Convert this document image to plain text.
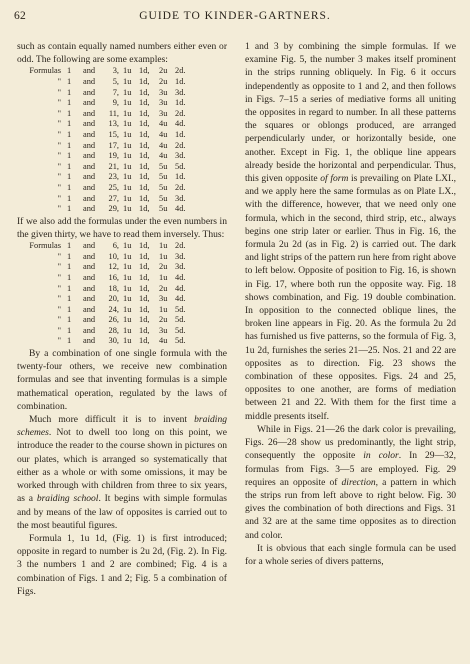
62	GUIDE TO KINDER-GARTNERS.

such as contain equally named numbers either even or odd. The following are some examples:

Formulas 1	and	3, 1u 1d,	2u 2d.
" 1	and	5, 1u 1d,	2u 1d.
" 1	and	7, 1u 1d,	3u 3d.
" 1	and	9, 1u 1d,	3u 1d.
" 1	and	11, 1u 1d,	3u 2d.
" 1	and	13, 1u 1d,	4u 4d.
" 1	and	15, 1u 1d,	4u 1d.
" 1	and	17, 1u 1d,	4u 2d.
" 1	and	19, 1u 1d,	4u 3d.
" 1	and	21, 1u 1d,	5u 5d.
" 1	and	23, 1u 1d,	5u 1d.
" 1	and	25, 1u 1d,	5u 2d.
" 1	and	27, 1u 1d,	5u 3d.
" 1	and	29, 1u 1d,	5u 4d.

If we also add the formulas under the even numbers in the given thirty, we have to read them inversely. Thus:

Formulas 1	and	6, 1u 1d,	1u 2d.
" 1	and	10, 1u 1d,	1u 3d.
" 1	and	12, 1u 1d,	2u 3d.
" 1	and	16, 1u 1d,	1u 4d.
" 1	and	18, 1u 1d,	2u 4d.
" 1	and	20, 1u 1d,	3u 4d.
" 1	and	24, 1u 1d,	1u 5d.
" 1	and	26, 1u 1d,	2u 5d.
" 1	and	28, 1u 1d,	3u 5d.
" 1	and	30, 1u 1d,	4u 5d.

By a combination of one single formula with the twenty-four others, we receive new combination formulas and see that inventing formulas is a simple mathematical operation, regulated by the laws of combination.

Much more difficult it is to invent braiding schemes. Not to dwell too long on this point, we introduce the reader to the course shown in pictures on our plates, which is arranged so systematically that either as a whole or with some omissions, it may be worked through with children from three to six years, as a braiding school. It begins with simple formulas and by means of the law of opposites is carried out to the most beautiful figures.

Formula 1, 1u 1d, (Fig. 1) is first introduced; opposite in regard to number is 2u 2d, (Fig. 2). In Fig. 3 the numbers 1 and 2 are combined; Fig. 4 is a combination of Figs. 1 and 2; Fig. 5 a combination of Figs.

1 and 3 by combining the simple formulas. If we examine Fig. 5, the number 3 makes itself prominent in the strips running obliquely. In Fig. 6 it occurs independently as opposite to 1 and 2, and then follows in Figs. 7–15 a series of mediative forms all uniting the opposites in regard to number. In all these patterns the squares or oblongs produced, are arranged perpendicularly under, or horizontally beside, one another. Except in Fig. 1, the oblique line appears already beside the horizontal and perpendicular. Thus, this given opposite of form is prevailing on Plate LXI., and we apply here the same formulas as on Plate LX., with the difference, however, that we need only one formula, which in the second, third strip, etc., always begins one strip later or earlier. Thus in Fig. 16, the formula 2u 2d (as in Fig. 2) is carried out. The dark and light strips of the pattern run here from right above to left below. Opposite of position to Fig. 16, is shown in Fig. 17, where both run the opposite way. Fig. 18 shows combination, and Fig. 19 double combination. In opposition to the connected oblique lines, the broken line appears in Fig. 20. As the formula 2u 2d has furnished us five patterns, so the formula of Fig. 3, 1u 2d, furnishes the series 21—25. Nos. 21 and 22 are opposites as to direction. Fig. 23 shows the combination of these opposites. Figs. 24 and 25, opposites to one another, are forms of mediation between 21 and 22. With them for the first time a middle presents itself.

While in Figs. 21—26 the dark color is prevailing, Figs. 26—28 show us predominantly, the light strip, consequently the opposite in color. In 29—32, formulas from Figs. 3—5 are employed. Fig. 29 requires an opposite of direction, a pattern in which the strips run from left above to right below. Fig. 30 gives the combination of both directions and Figs. 31 and 32 are at the same time opposites as to direction and color.

It is obvious that each single formula can be used for a whole series of divers patterns,
